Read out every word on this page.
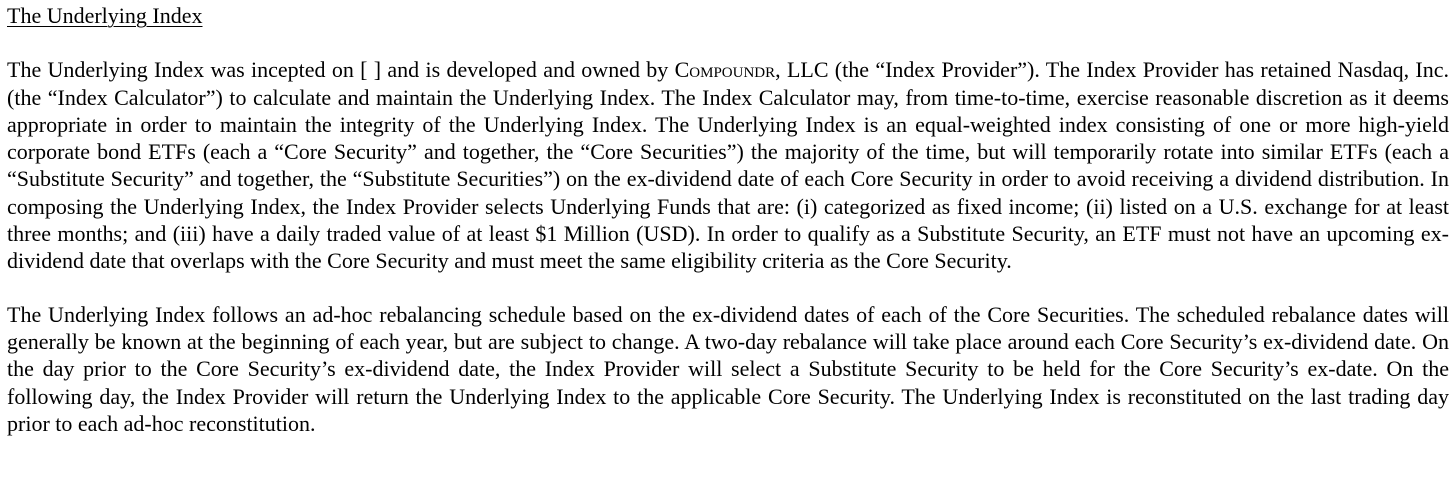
The Underlying Index

The Underlying Index was incepted on [ ] and is developed and owned by Compoundr, LLC (the “Index Provider”). The Index Provider has retained Nasdaq, Inc. (the “Index Calculator”) to calculate and maintain the Underlying Index. The Index Calculator may, from time-to-time, exercise reasonable discretion as it deems appropriate in order to maintain the integrity of the Underlying Index. The Underlying Index is an equal-weighted index consisting of one or more high-yield corporate bond ETFs (each a “Core Security” and together, the “Core Securities”) the majority of the time, but will temporarily rotate into similar ETFs (each a “Substitute Security” and together, the “Substitute Securities”) on the ex-dividend date of each Core Security in order to avoid receiving a dividend distribution. In composing the Underlying Index, the Index Provider selects Underlying Funds that are: (i) categorized as fixed income; (ii) listed on a U.S. exchange for at least three months; and (iii) have a daily traded value of at least $1 Million (USD). In order to qualify as a Substitute Security, an ETF must not have an upcoming ex-dividend date that overlaps with the Core Security and must meet the same eligibility criteria as the Core Security.

The Underlying Index follows an ad-hoc rebalancing schedule based on the ex-dividend dates of each of the Core Securities. The scheduled rebalance dates will generally be known at the beginning of each year, but are subject to change. A two-day rebalance will take place around each Core Security’s ex-dividend date. On the day prior to the Core Security’s ex-dividend date, the Index Provider will select a Substitute Security to be held for the Core Security’s ex-date. On the following day, the Index Provider will return the Underlying Index to the applicable Core Security. The Underlying Index is reconstituted on the last trading day prior to each ad-hoc reconstitution.
